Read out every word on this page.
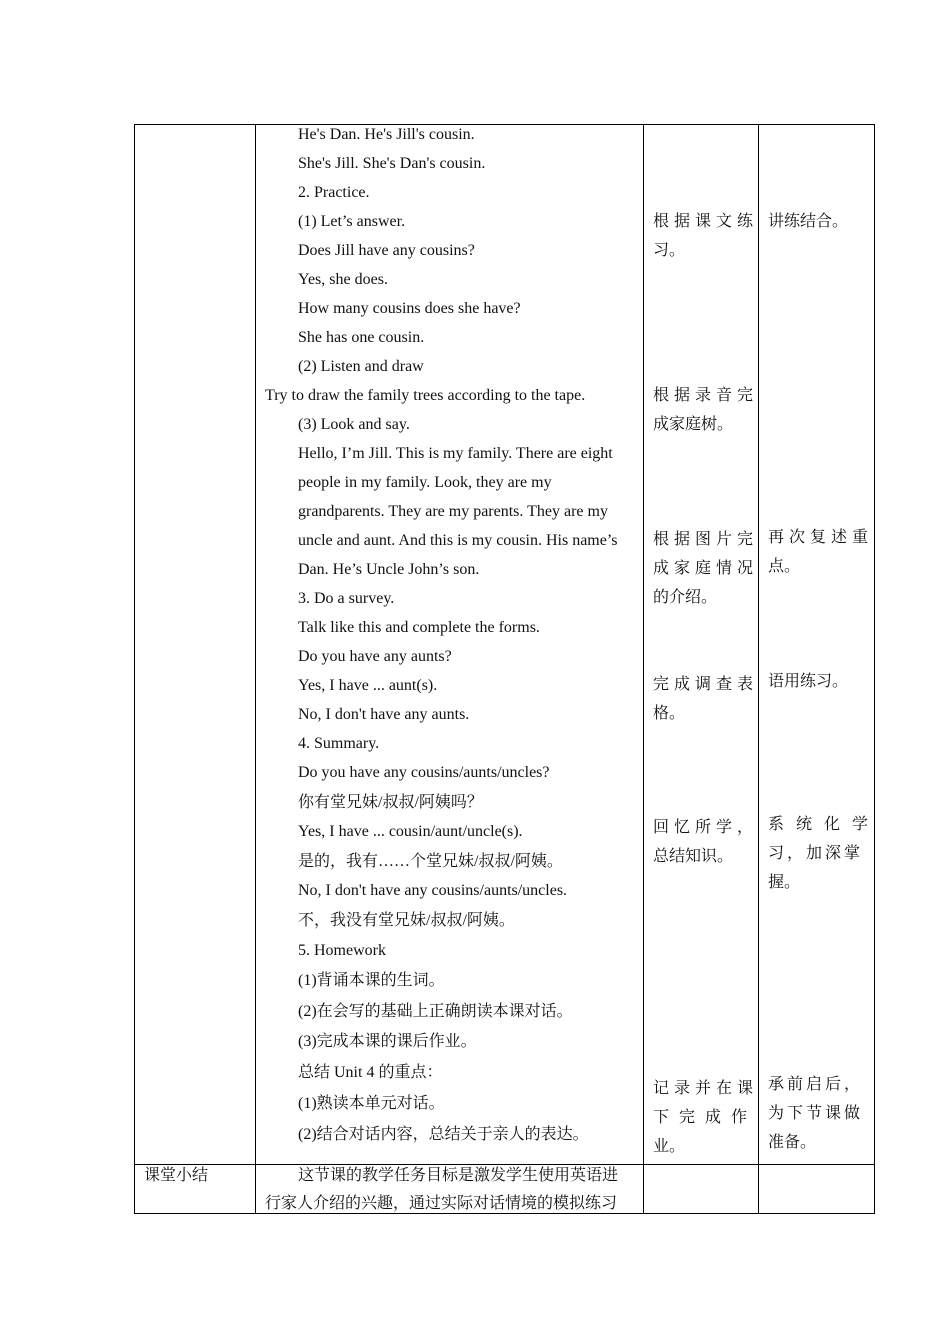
He's Dan. He's Jill's cousin.
She's Jill. She's Dan's cousin.
2. Practice.
(1) Let’s answer.
Does Jill have any cousins?
Yes, she does.
How many cousins does she have?
She has one cousin.
(2) Listen and draw
Try to draw the family trees according to the tape.
(3) Look and say.
Hello, I’m Jill. This is my family. There are eight
people in my family. Look, they are my
grandparents. They are my parents. They are my
uncle and aunt. And this is my cousin. His name’s
Dan. He’s Uncle John’s son.
3. Do a survey.
Talk like this and complete the forms.
Do you have any aunts?
Yes, I have ... aunt(s).
No, I don't have any aunts.
4. Summary.
Do you have any cousins/aunts/uncles?
你有堂兄妹/叔叔/阿姨吗？
Yes, I have ... cousin/aunt/uncle(s).
是的，我有……个堂兄妹/叔叔/阿姨。
No, I don't have any cousins/aunts/uncles.
不，我没有堂兄妹/叔叔/阿姨。
5. Homework
(1)背诵本课的生词。
(2)在会写的基础上正确朗读本课对话。
(3)完成本课的课后作业。
总结 Unit 4 的重点：
(1)熟读本单元对话。
(2)结合对话内容，总结关于亲人的表达。
根据课文练
习。
根据录音完
成家庭树。
根据图片完
成家庭情况
的介绍。
完成调查表
格。
回忆所学，
总结知识。
记录并在课
下 完 成 作
业。
讲练结合。
再次复述重
点。
语用练习。
系 统 化 学
习，加深掌
握。
承前启后，
为下节课做
准备。
课堂小结	这节课的教学任务目标是激发学生使用英语进
行家人介绍的兴趣，通过实际对话情境的模拟练习
